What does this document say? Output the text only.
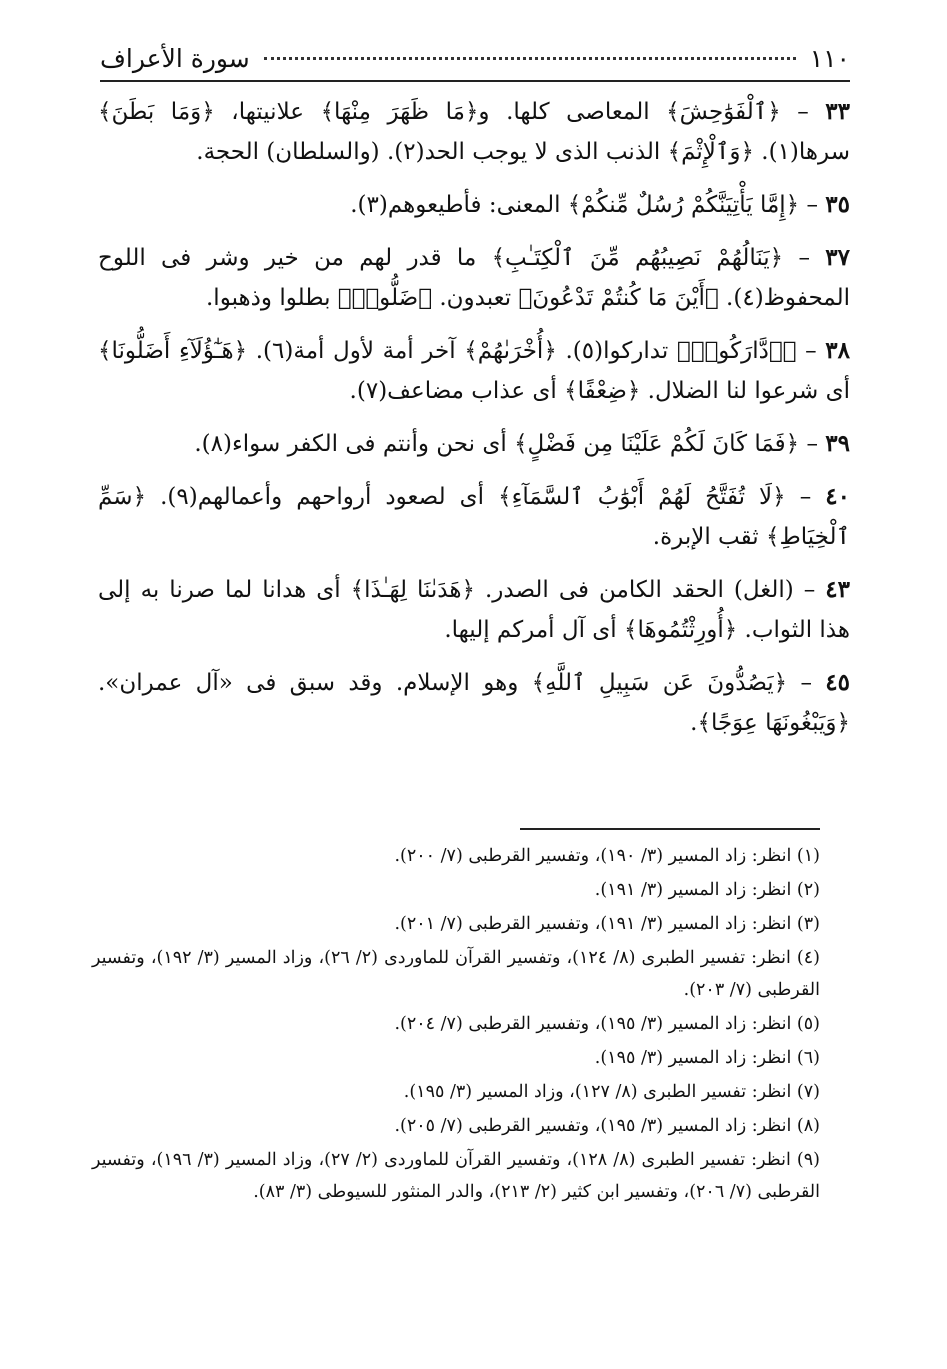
سورة الأعراف	١١٠

٣٣ – ﴿ٱلْفَوَٰحِشَ﴾ المعاصى كلها. و﴿مَا ظَهَرَ مِنْهَا﴾ علانيتها، ﴿وَمَا بَطَنَ﴾ سرها(١). ﴿وَٱلْإِثْمَ﴾ الذنب الذى لا يوجب الحد(٢). (والسلطان) الحجة.

٣٥ – ﴿إِمَّا يَأْتِيَنَّكُمْ رُسُلٌ مِّنكُمْ﴾ المعنى: فأطيعوهم(٣).

٣٧ – ﴿يَنَالُهُمْ نَصِيبُهُم مِّنَ ٱلْكِتَـٰبِ﴾ ما قدر لهم من خير وشر فى اللوح المحفوظ(٤). ﴿أَيْنَ مَا كُنتُمْ تَدْعُونَ﴾ تعبدون. ﴿ضَلُّوا۟﴾ بطلوا وذهبوا.

٣٨ – ﴿ٱدَّارَكُوا۟﴾ تداركوا(٥). ﴿أُخْرَىٰهُمْ﴾ آخر أمة لأول أمة(٦). ﴿هَـٰٓؤُلَآءِ أَضَلُّونَا﴾ أى شرعوا لنا الضلال. ﴿ضِعْفًا﴾ أى عذاب مضاعف(٧).

٣٩ – ﴿فَمَا كَانَ لَكُمْ عَلَيْنَا مِن فَضْلٍ﴾ أى نحن وأنتم فى الكفر سواء(٨).

٤٠ – ﴿لَا تُفَتَّحُ لَهُمْ أَبْوَٰبُ ٱلسَّمَآءِ﴾ أى لصعود أرواحهم وأعمالهم(٩). ﴿سَمِّ ٱلْخِيَاطِ﴾ ثقب الإبرة.

٤٣ – (الغل) الحقد الكامن فى الصدر. ﴿هَدَىٰنَا لِهَـٰذَا﴾ أى هدانا لما صرنا به إلى هذا الثواب. ﴿أُورِثْتُمُوهَا﴾ أى آل أمركم إليها.

٤٥ – ﴿يَصُدُّونَ عَن سَبِيلِ ٱللَّهِ﴾ وهو الإسلام. وقد سبق فى «آل عمران». ﴿وَيَبْغُونَهَا عِوَجًا﴾.

(١) انظر: زاد المسير (٣/ ١٩٠)، وتفسير القرطبى (٧/ ٢٠٠).

(٢) انظر: زاد المسير (٣/ ١٩١).

(٣) انظر: زاد المسير (٣/ ١٩١)، وتفسير القرطبى (٧/ ٢٠١).

(٤) انظر: تفسير الطبرى (٨/ ١٢٤)، وتفسير القرآن للماوردى (٢/ ٢٦)، وزاد المسير (٣/ ١٩٢)، وتفسير القرطبى (٧/ ٢٠٣).

(٥) انظر: زاد المسير (٣/ ١٩٥)، وتفسير القرطبى (٧/ ٢٠٤).

(٦) انظر: زاد المسير (٣/ ١٩٥).

(٧) انظر: تفسير الطبرى (٨/ ١٢٧)، وزاد المسير (٣/ ١٩٥).

(٨) انظر: زاد المسير (٣/ ١٩٥)، وتفسير القرطبى (٧/ ٢٠٥).

(٩) انظر: تفسير الطبرى (٨/ ١٢٨)، وتفسير القرآن للماوردى (٢/ ٢٧)، وزاد المسير (٣/ ١٩٦)، وتفسير القرطبى (٧/ ٢٠٦)، وتفسير ابن كثير (٢/ ٢١٣)، والدر المنثور للسيوطى (٣/ ٨٣).
